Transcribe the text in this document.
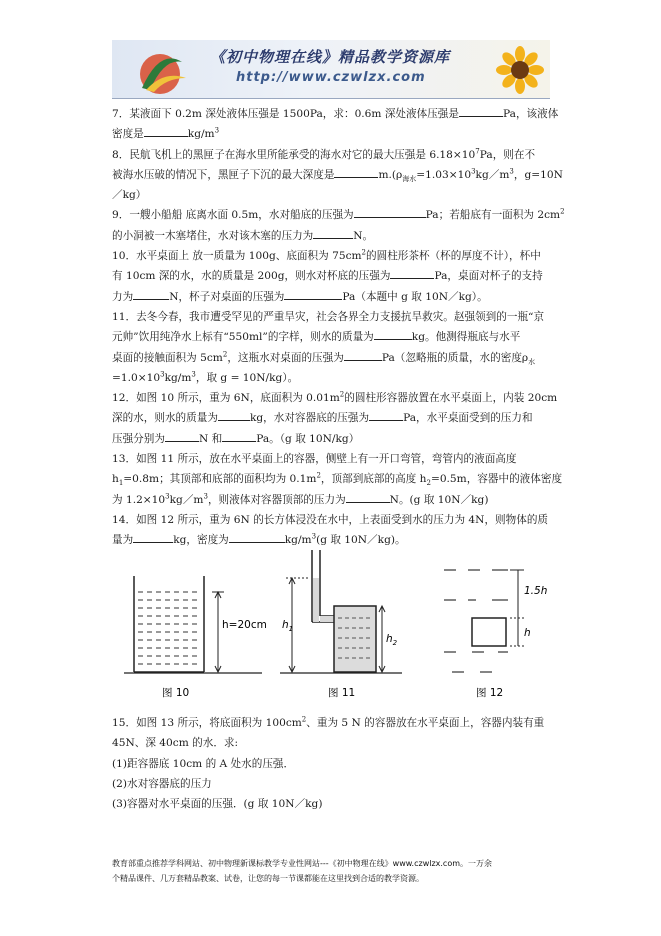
《初中物理在线》精品教学资源库
http://www.czwlzx.com

7．某液面下 0.2m 深处液体压强是 1500Pa，求：0.6m 深处液体压强是	Pa，该液体
密度是	$kg/m^3$

8．民航飞机上的黑匣子在海水里所能承受的海水对它的最大压强是 $6.18\times 10^7Pa$，则在不
被海水压破的情况下，黑匣子下沉的最大深度是	$m.(\rho_{海水}=1.03\times 10^3kg/m^3$，g=10N
／kg）

9．一艘小船船 底离水面 0.5m，水对船底的压强为	Pa；若船底有一面积为 $2cm^2$
的小洞被一木塞堵住，水对该木塞的压力为	N。

10．水平桌面上 放一质量为 100g、底面积为 $75cm^2$的圆柱形茶杯（杯的厚度不计），杯中
有 10cm 深的水，水的质量是 200g，则水对杯底的压强为	Pa，桌面对杯子的支持
力为	N，杯子对桌面的压强为	Pa（本题中 g 取 10N／kg）。

11．去冬今春，我市遭受罕见的严重旱灾，社会各界全力支援抗旱救灾。赵强领到的一瓶“京
元帅”饮用纯净水上标有“550ml”的字样，则水的质量为	kg。他测得瓶底与水平
桌面的接触面积为 $5cm^2$，这瓶水对桌面的压强为	Pa（忽略瓶的质量，水的密度$\rho_水$
$=1.0\times 10^3kg/m^3$，取 g = 10N/kg）。

12．如图 10 所示，重为 6N，底面积为 $0.01m^2$的圆柱形容器放置在水平桌面上，内装 20cm
深的水，则水的质量为	kg，水对容器底的压强为	Pa，水平桌面受到的压力和
压强分别为	N 和	Pa。（g 取 10N/kg）

13．如图 11 所示，放在水平桌面上的容器，侧壁上有一开口弯管，弯管内的液面高度
$h_1=0.8m$；其顶部和底部的面积均为 $0.1m^2$，顶部到底部的高度 $h_2=0.5m$，容器中的液体密度
为 $1.2\times 10^3kg/m^3$，则液体对容器顶部的压力为	N。(g 取 10N／kg)

14．如图 12 所示，重为 6N 的长方体浸没在水中，上表面受到水的压力为 4N，则物体的质
量为	kg，密度为	$kg/m^3(g$ 取 10N／kg)。

h=20cm
图 10
$h_1$
$h_2$
图 11
1.5h
h
图 12

15．如图 13 所示，将底面积为 $100cm^2$、重为 5 N 的容器放在水平桌面上，容器内装有重

45N、深 40cm 的水．求:

(1)距容器底 10cm 的 A 处水的压强．

(2)水对容器底的压力

(3)容器对水平桌面的压强．(g 取 10N／kg)

教育部重点推荐学科网站、初中物理新课标教学专业性网站---《初中物理在线》www.czwlzx.com。一万余
个精品课件、几万套精品教案、试卷，让您的每一节课都能在这里找到合适的教学资源。
